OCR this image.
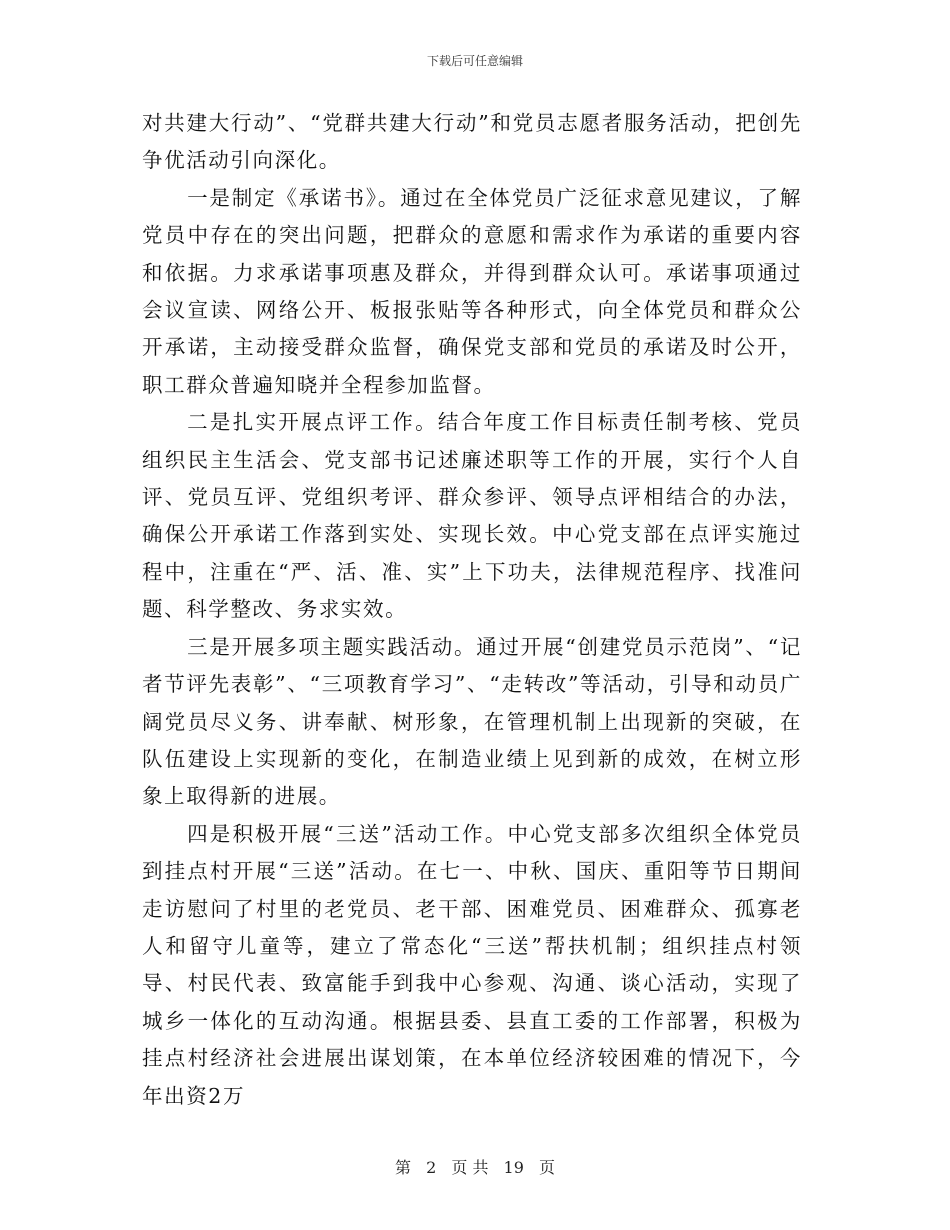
下载后可任意编辑

对共建大行动”、“党群共建大行动”和党员志愿者服务活动，把创先争优活动引向深化。

一是制定《承诺书》。通过在全体党员广泛征求意见建议，了解党员中存在的突出问题，把群众的意愿和需求作为承诺的重要内容和依据。力求承诺事项惠及群众，并得到群众认可。承诺事项通过会议宣读、网络公开、板报张贴等各种形式，向全体党员和群众公开承诺，主动接受群众监督，确保党支部和党员的承诺及时公开，职工群众普遍知晓并全程参加监督。

二是扎实开展点评工作。结合年度工作目标责任制考核、党员组织民主生活会、党支部书记述廉述职等工作的开展，实行个人自评、党员互评、党组织考评、群众参评、领导点评相结合的办法，确保公开承诺工作落到实处、实现长效。中心党支部在点评实施过程中，注重在“严、活、准、实”上下功夫，法律规范程序、找准问题、科学整改、务求实效。

三是开展多项主题实践活动。通过开展“创建党员示范岗”、“记者节评先表彰”、“三项教育学习”、“走转改”等活动，引导和动员广阔党员尽义务、讲奉献、树形象，在管理机制上出现新的突破，在队伍建设上实现新的变化，在制造业绩上见到新的成效，在树立形象上取得新的进展。

四是积极开展“三送”活动工作。中心党支部多次组织全体党员到挂点村开展“三送”活动。在七一、中秋、国庆、重阳等节日期间走访慰问了村里的老党员、老干部、困难党员、困难群众、孤寡老人和留守儿童等，建立了常态化“三送”帮扶机制；组织挂点村领导、村民代表、致富能手到我中心参观、沟通、谈心活动，实现了城乡一体化的互动沟通。根据县委、县直工委的工作部署，积极为挂点村经济社会进展出谋划策，在本单位经济较困难的情况下，今年出资2万

第 2 页 共 19 页
